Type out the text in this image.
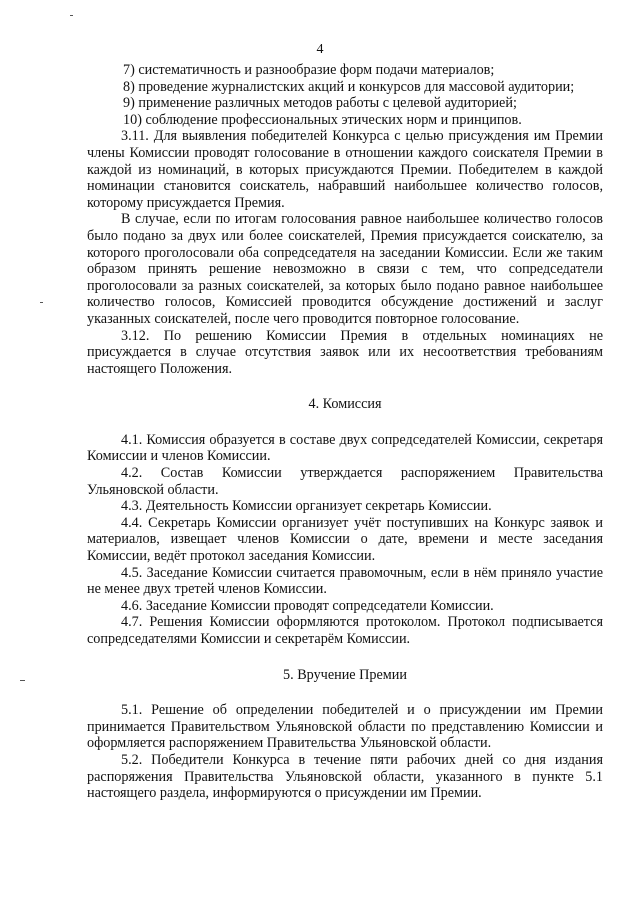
4

7) систематичность и разнообразие форм подачи материалов;

8) проведение журналистских акций и конкурсов для массовой аудитории;

9) применение различных методов работы с целевой аудиторией;

10) соблюдение профессиональных этических норм и принципов.

3.11. Для выявления победителей Конкурса с целью присуждения им Премии члены Комиссии проводят голосование в отношении каждого соискателя Премии в каждой из номинаций, в которых присуждаются Премии. Победителем в каждой номинации становится соискатель, набравший наибольшее количество голосов, которому присуждается Премия.

В случае, если по итогам голосования равное наибольшее количество голосов было подано за двух или более соискателей, Премия присуждается соискателю, за которого проголосовали оба сопредседателя на заседании Комиссии. Если же таким образом принять решение невозможно в связи с тем, что сопредседатели проголосовали за разных соискателей, за которых было подано равное наибольшее количество голосов, Комиссией проводится обсуждение достижений и заслуг указанных соискателей, после чего проводится повторное голосование.

3.12. По решению Комиссии Премия в отдельных номинациях не присуждается в случае отсутствия заявок или их несоответствия требованиям настоящего Положения.

4. Комиссия

4.1. Комиссия образуется в составе двух сопредседателей Комиссии, секретаря Комиссии и членов Комиссии.

4.2. Состав Комиссии утверждается распоряжением Правительства Ульяновской области.

4.3. Деятельность Комиссии организует секретарь Комиссии.

4.4. Секретарь Комиссии организует учёт поступивших на Конкурс заявок и материалов, извещает членов Комиссии о дате, времени и месте заседания Комиссии, ведёт протокол заседания Комиссии.

4.5. Заседание Комиссии считается правомочным, если в нём приняло участие не менее двух третей членов Комиссии.

4.6. Заседание Комиссии проводят сопредседатели Комиссии.

4.7. Решения Комиссии оформляются протоколом. Протокол подписывается сопредседателями Комиссии и секретарём Комиссии.

5. Вручение Премии

5.1. Решение об определении победителей и о присуждении им Премии принимается Правительством Ульяновской области по представлению Комиссии и оформляется распоряжением Правительства Ульяновской области.

5.2. Победители Конкурса в течение пяти рабочих дней со дня издания распоряжения Правительства Ульяновской области, указанного в пункте 5.1 настоящего раздела, информируются о присуждении им Премии.
